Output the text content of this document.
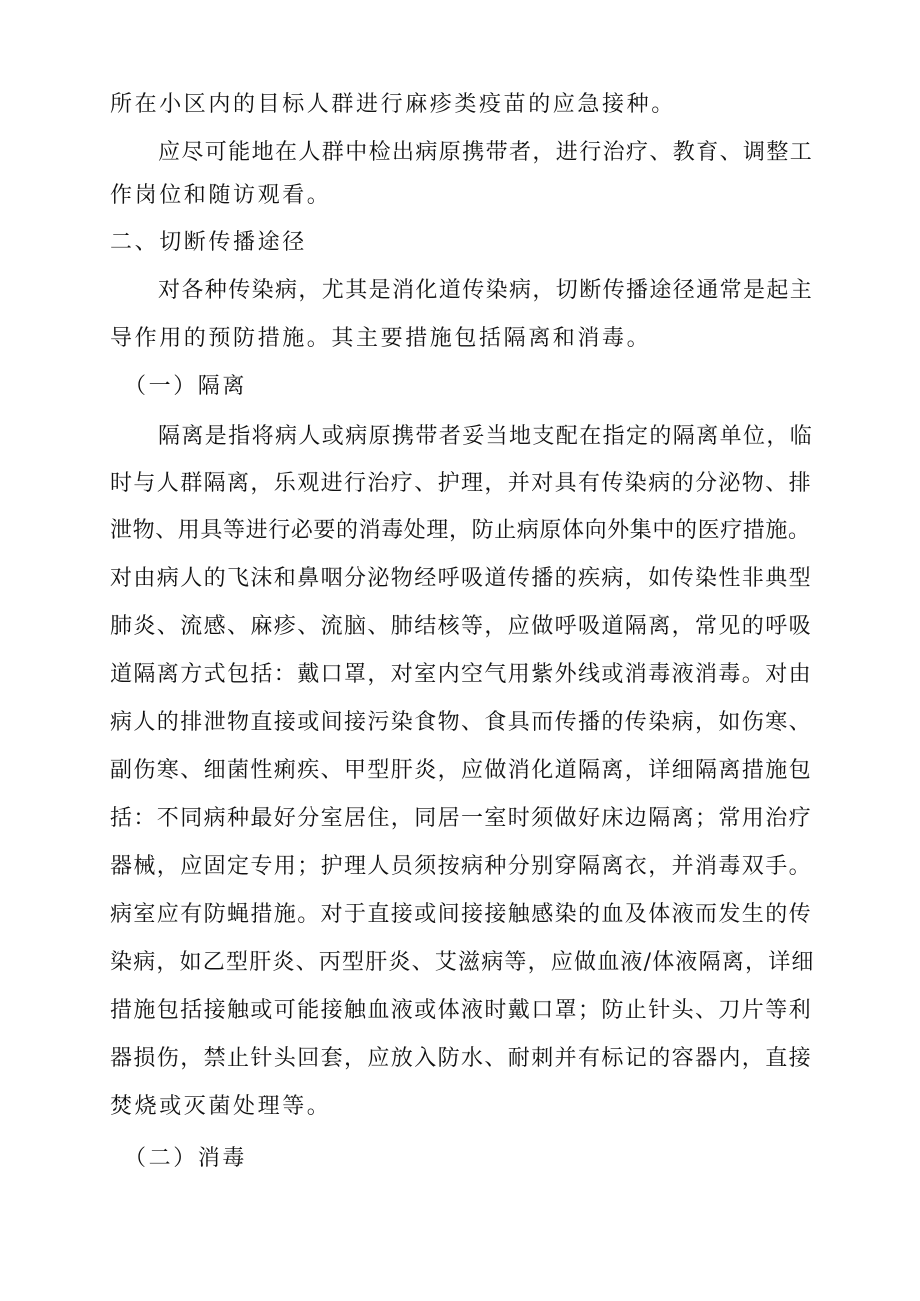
所在小区内的目标人群进行麻疹类疫苗的应急接种。
应尽可能地在人群中检出病原携带者，进行治疗、教育、调整工
作岗位和随访观看。
二、切断传播途径
对各种传染病，尤其是消化道传染病，切断传播途径通常是起主
导作用的预防措施。其主要措施包括隔离和消毒。
（一）隔离
隔离是指将病人或病原携带者妥当地支配在指定的隔离单位，临
时与人群隔离，乐观进行治疗、护理，并对具有传染病的分泌物、排
泄物、用具等进行必要的消毒处理，防止病原体向外集中的医疗措施。
对由病人的飞沫和鼻咽分泌物经呼吸道传播的疾病，如传染性非典型
肺炎、流感、麻疹、流脑、肺结核等，应做呼吸道隔离，常见的呼吸
道隔离方式包括：戴口罩，对室内空气用紫外线或消毒液消毒。对由
病人的排泄物直接或间接污染食物、食具而传播的传染病，如伤寒、
副伤寒、细菌性痢疾、甲型肝炎，应做消化道隔离，详细隔离措施包
括：不同病种最好分室居住，同居一室时须做好床边隔离；常用治疗
器械，应固定专用；护理人员须按病种分别穿隔离衣，并消毒双手。
病室应有防蝇措施。对于直接或间接接触感染的血及体液而发生的传
染病，如乙型肝炎、丙型肝炎、艾滋病等，应做血液/体液隔离，详细
措施包括接触或可能接触血液或体液时戴口罩；防止针头、刀片等利
器损伤，禁止针头回套，应放入防水、耐刺并有标记的容器内，直接
焚烧或灭菌处理等。
（二）消毒
